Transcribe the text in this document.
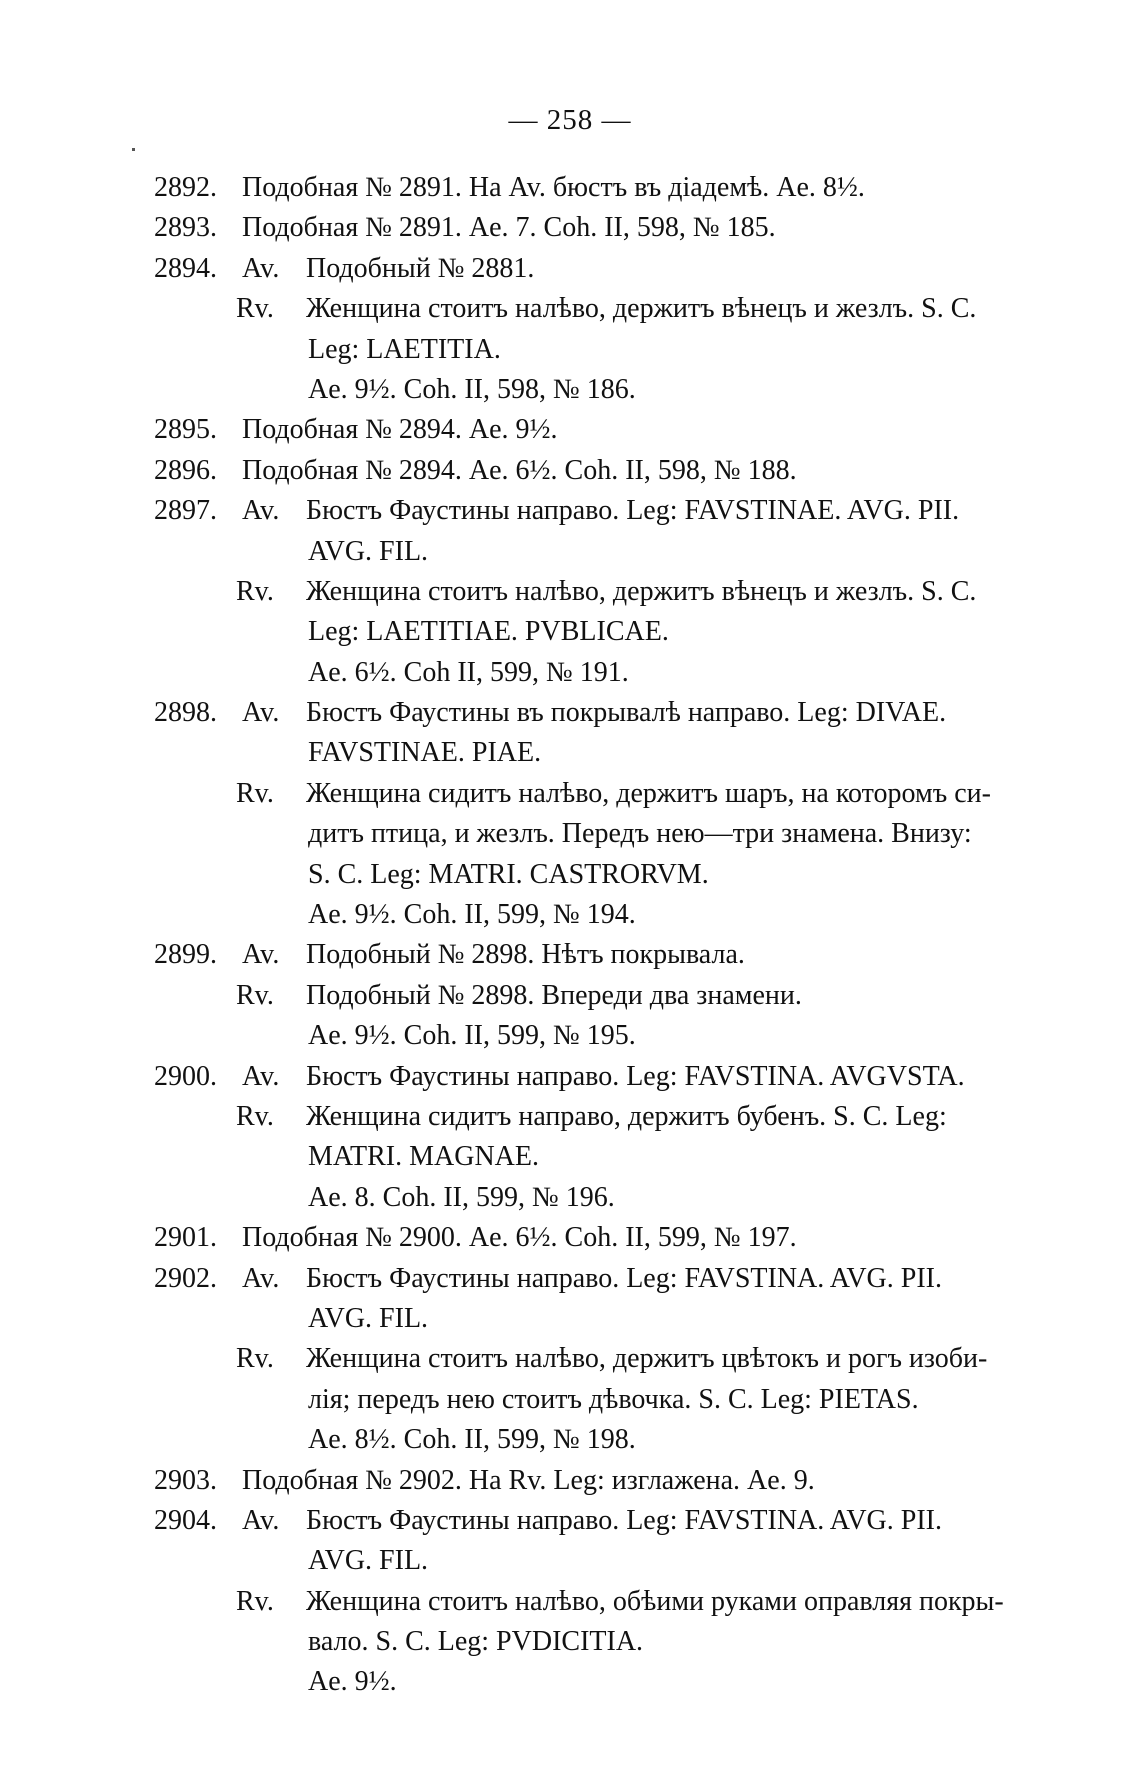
— 258 —
2892. Подобная № 2891. На Av. бюстъ въ діадемѣ. Ae. 8½.
2893. Подобная № 2891. Ae. 7. Coh. II, 598, № 185.
2894. Av. Подобный № 2881.
Rv. Женщина стоитъ налѣво, держитъ вѣнецъ и жезлъ. S. C.
Leg: LAETITIA.
Ae. 9½. Coh. II, 598, № 186.
2895. Подобная № 2894. Ae. 9½.
2896. Подобная № 2894. Ae. 6½. Coh. II, 598, № 188.
2897. Av. Бюстъ Фаустины направо. Leg: FAVSTINAE. AVG. PII.
AVG. FIL.
Rv. Женщина стоитъ налѣво, держитъ вѣнецъ и жезлъ. S. C.
Leg: LAETITIAE. PVBLICAE.
Ae. 6½. Coh II, 599, № 191.
2898. Av. Бюстъ Фаустины въ покрывалѣ направо. Leg: DIVAE.
FAVSTINAE. PIAE.
Rv. Женщина сидитъ налѣво, держитъ шаръ, на которомъ си-
дитъ птица, и жезлъ. Передъ нею—три знамена. Внизу:
S. C. Leg: MATRI. CASTRORVM.
Ae. 9½. Coh. II, 599, № 194.
2899. Av. Подобный № 2898. Нѣтъ покрывала.
Rv. Подобный № 2898. Впереди два знамени.
Ae. 9½. Coh. II, 599, № 195.
2900. Av. Бюстъ Фаустины направо. Leg: FAVSTINA. AVGVSTA.
Rv. Женщина сидитъ направо, держитъ бубенъ. S. C. Leg:
MATRI. MAGNAE.
Ae. 8. Coh. II, 599, № 196.
2901. Подобная № 2900. Ae. 6½. Coh. II, 599, № 197.
2902. Av. Бюстъ Фаустины направо. Leg: FAVSTINA. AVG. PII.
AVG. FIL.
Rv. Женщина стоитъ налѣво, держитъ цвѣтокъ и рогъ изоби-
лія; передъ нею стоитъ дѣвочка. S. C. Leg: PIETAS.
Ae. 8½. Coh. II, 599, № 198.
2903. Подобная № 2902. На Rv. Leg: изглажена. Ae. 9.
2904. Av. Бюстъ Фаустины направо. Leg: FAVSTINA. AVG. PII.
AVG. FIL.
Rv. Женщина стоитъ налѣво, обѣими руками оправляя покры-
вало. S. C. Leg: PVDICITIA.
Ae. 9½.
